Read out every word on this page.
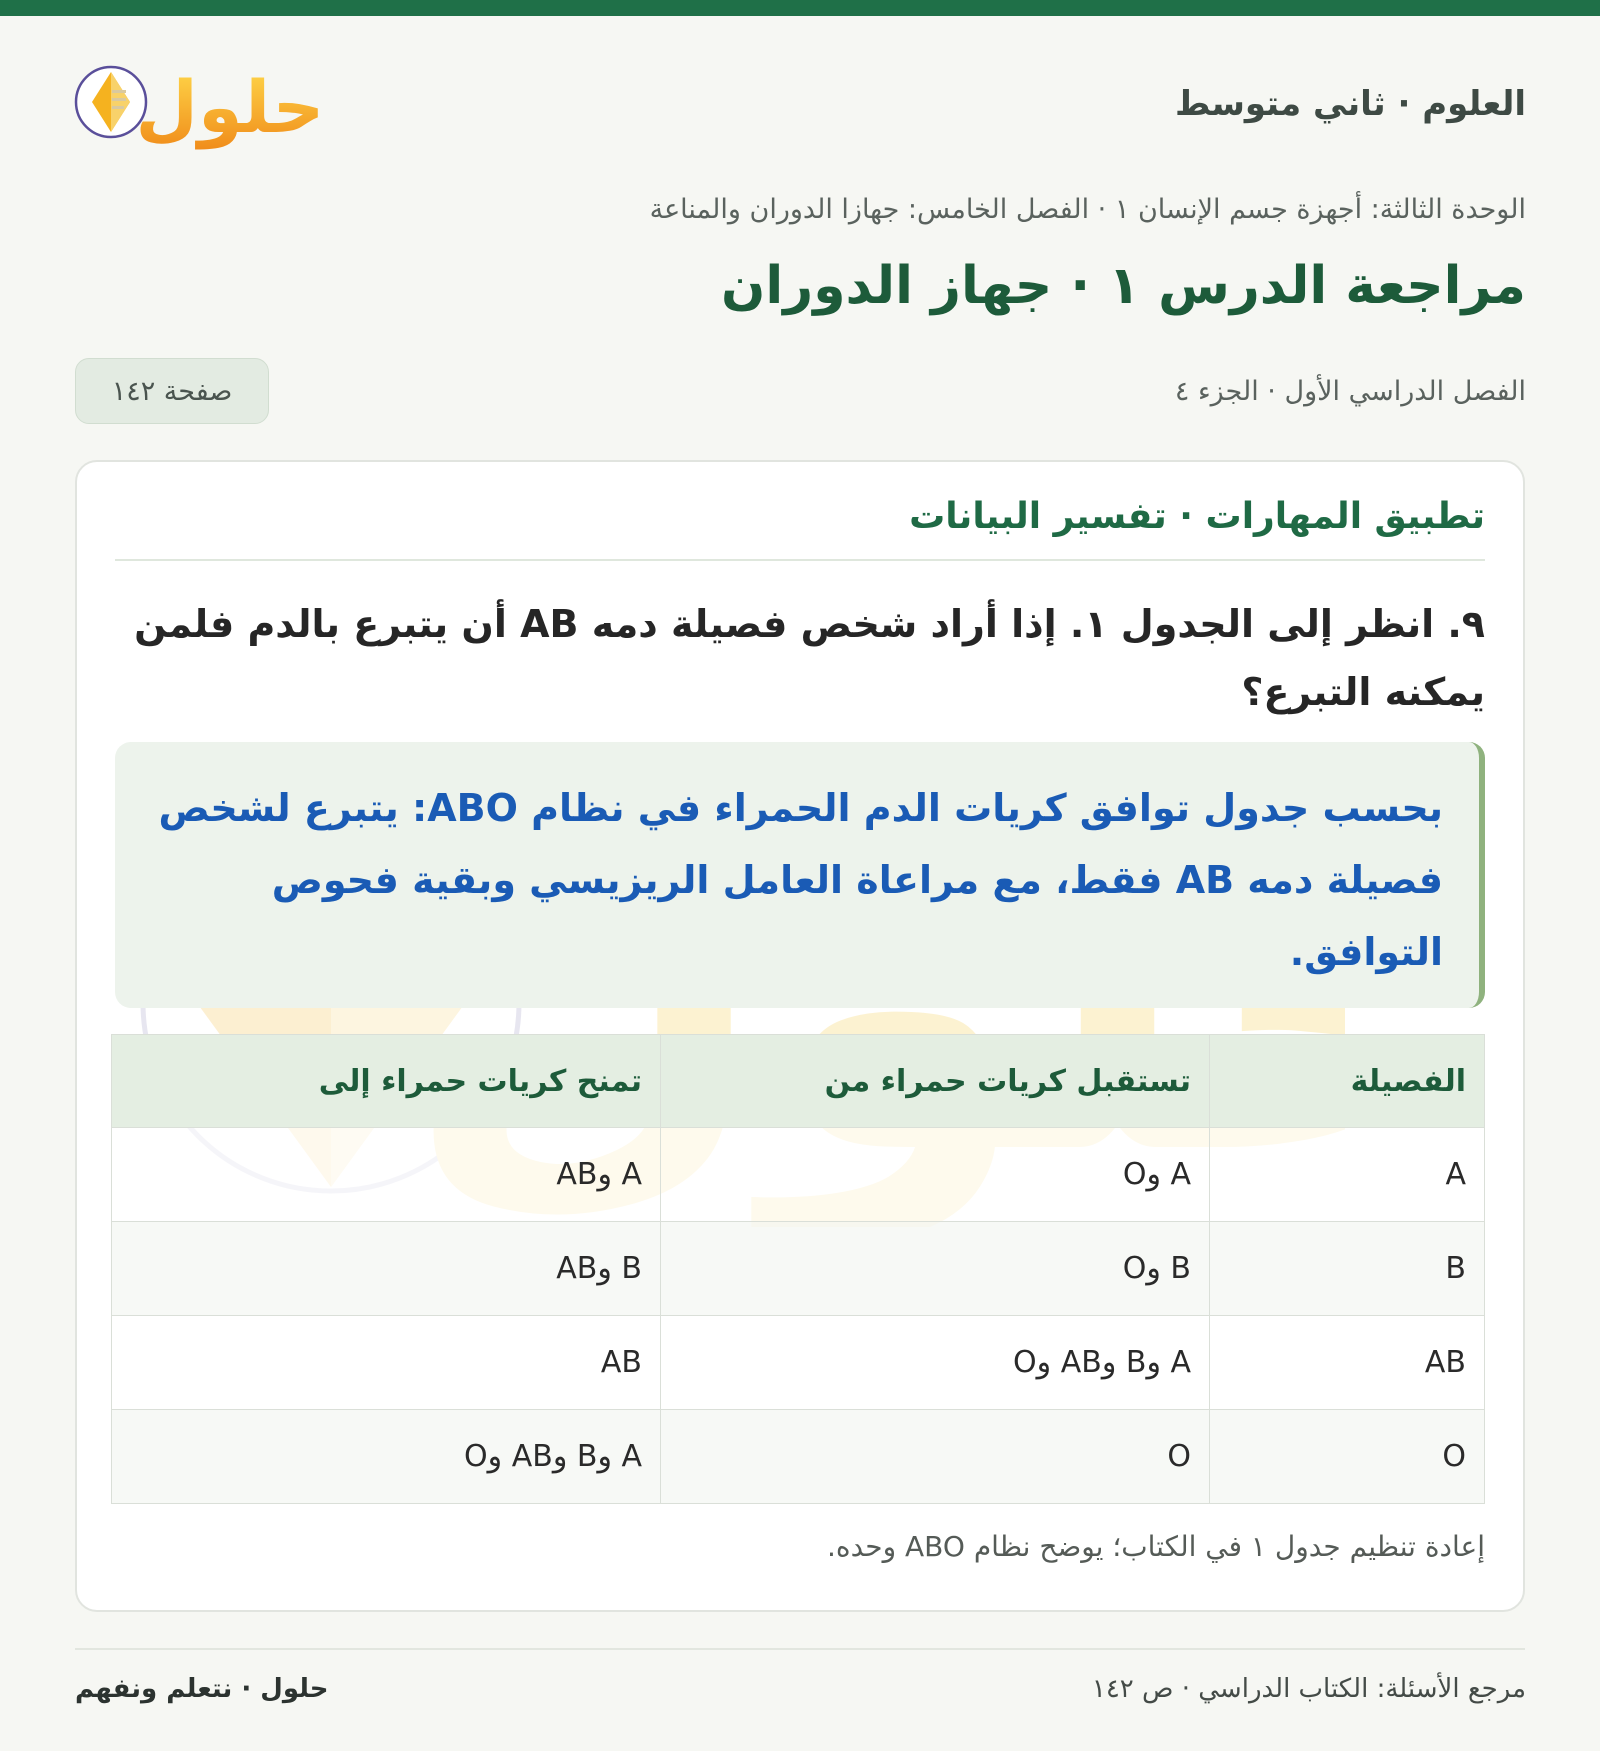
العلوم · ثاني متوسط
حلول
الوحدة الثالثة: أجهزة جسم الإنسان ١ · الفصل الخامس: جهازا الدوران والمناعة
مراجعة الدرس ١ · جهاز الدوران
الفصل الدراسي الأول · الجزء ٤
صفحة ١٤٢
تطبيق المهارات · تفسير البيانات
٩. انظر إلى الجدول ١. إذا أراد شخص فصيلة دمه AB أن يتبرع بالدم فلمن يمكنه التبرع؟
بحسب جدول توافق كريات الدم الحمراء في نظام ABO: يتبرع لشخص فصيلة دمه AB فقط، مع مراعاة العامل الريزيسي وبقية فحوص التوافق.
الفصيلة	تستقبل كريات حمراء من	تمنح كريات حمراء إلى
A	A وO	A وAB
B	B وO	B وAB
AB	A وB وAB وO	AB
O	O	A وB وAB وO
إعادة تنظيم جدول ١ في الكتاب؛ يوضح نظام ABO وحده.
مرجع الأسئلة: الكتاب الدراسي · ص ١٤٢
حلول · نتعلم ونفهم
